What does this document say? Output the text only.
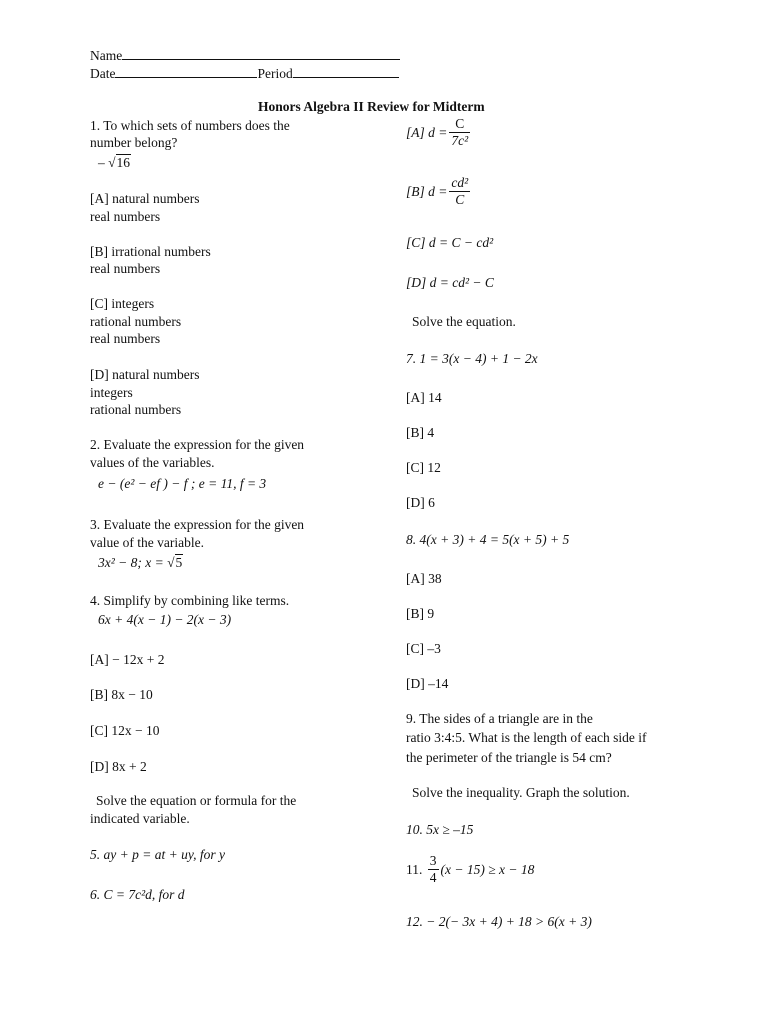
Name
Date	Period
Honors Algebra II Review for Midterm
1. To which sets of numbers does the
number belong?
– √16
[A] natural numbers
real numbers
[B] irrational numbers
real numbers
[C] integers
rational numbers
real numbers
[D] natural numbers
integers
rational numbers
2. Evaluate the expression for the given
values of the variables.
e − (e² − ef ) − f ; e = 11, f = 3
3. Evaluate the expression for the given
value of the variable.
3x² − 8; x = √5
4. Simplify by combining like terms.
6x + 4(x − 1) − 2(x − 3)
[A] − 12x + 2
[B] 8x − 10
[C] 12x − 10
[D] 8x + 2
Solve the equation or formula for the
indicated variable.
5. ay + p = at + uy, for y
6. C = 7c²d, for d
[A] $d = \frac{C}{\text{7c²}}$
[B] $d = \frac{\text{cd²}}{C}$
[C] d = C − cd²
[D] d = cd² − C
Solve the equation.
7. 1 = 3(x − 4) + 1 − 2x
[A] 14
[B] 4
[C] 12
[D] 6
8. 4(x + 3) + 4 = 5(x + 5) + 5
[A] 38
[B] 9
[C] –3
[D] –14
9. The sides of a triangle are in the
ratio 3:4:5. What is the length of each side if
the perimeter of the triangle is 54 cm?
Solve the inequality. Graph the solution.
10. 5x ≥ –15
11. $\frac{3}{4} (x - 15) \ge x - 18$
12. − 2(− 3x + 4) + 18 > 6(x + 3)
